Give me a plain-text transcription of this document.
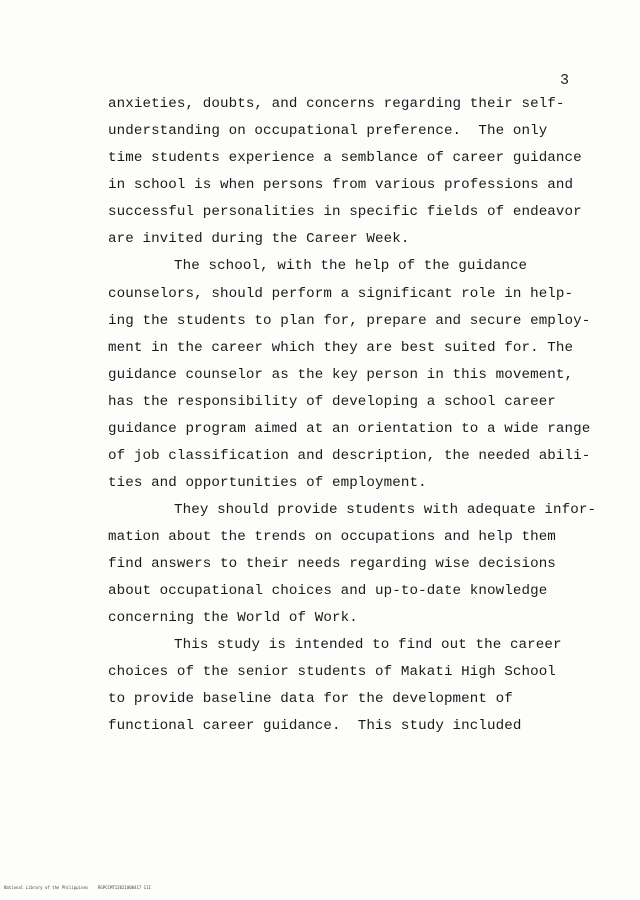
3
anxieties, doubts, and concerns regarding their self-
understanding on occupational preference.  The only
time students experience a semblance of career guidance
in school is when persons from various professions and
successful personalities in specific fields of endeavor
are invited during the Career Week.
The school, with the help of the guidance
counselors, should perform a significant role in help-
ing the students to plan for, prepare and secure employ-
ment in the career which they are best suited for. The
guidance counselor as the key person in this movement,
has the responsibility of developing a school career
guidance program aimed at an orientation to a wide range
of job classification and description, the needed abili-
ties and opportunities of employment.
They should provide students with adequate infor-
mation about the trends on occupations and help them
find answers to their needs regarding wise decisions
about occupational choices and up-to-date knowledge
concerning the World of Work.
This study is intended to find out the career
choices of the senior students of Makati High School
to provide baseline data for the development of
functional career guidance.  This study included
National Library of the Philippines    RGPCCMT12021000417 11I
